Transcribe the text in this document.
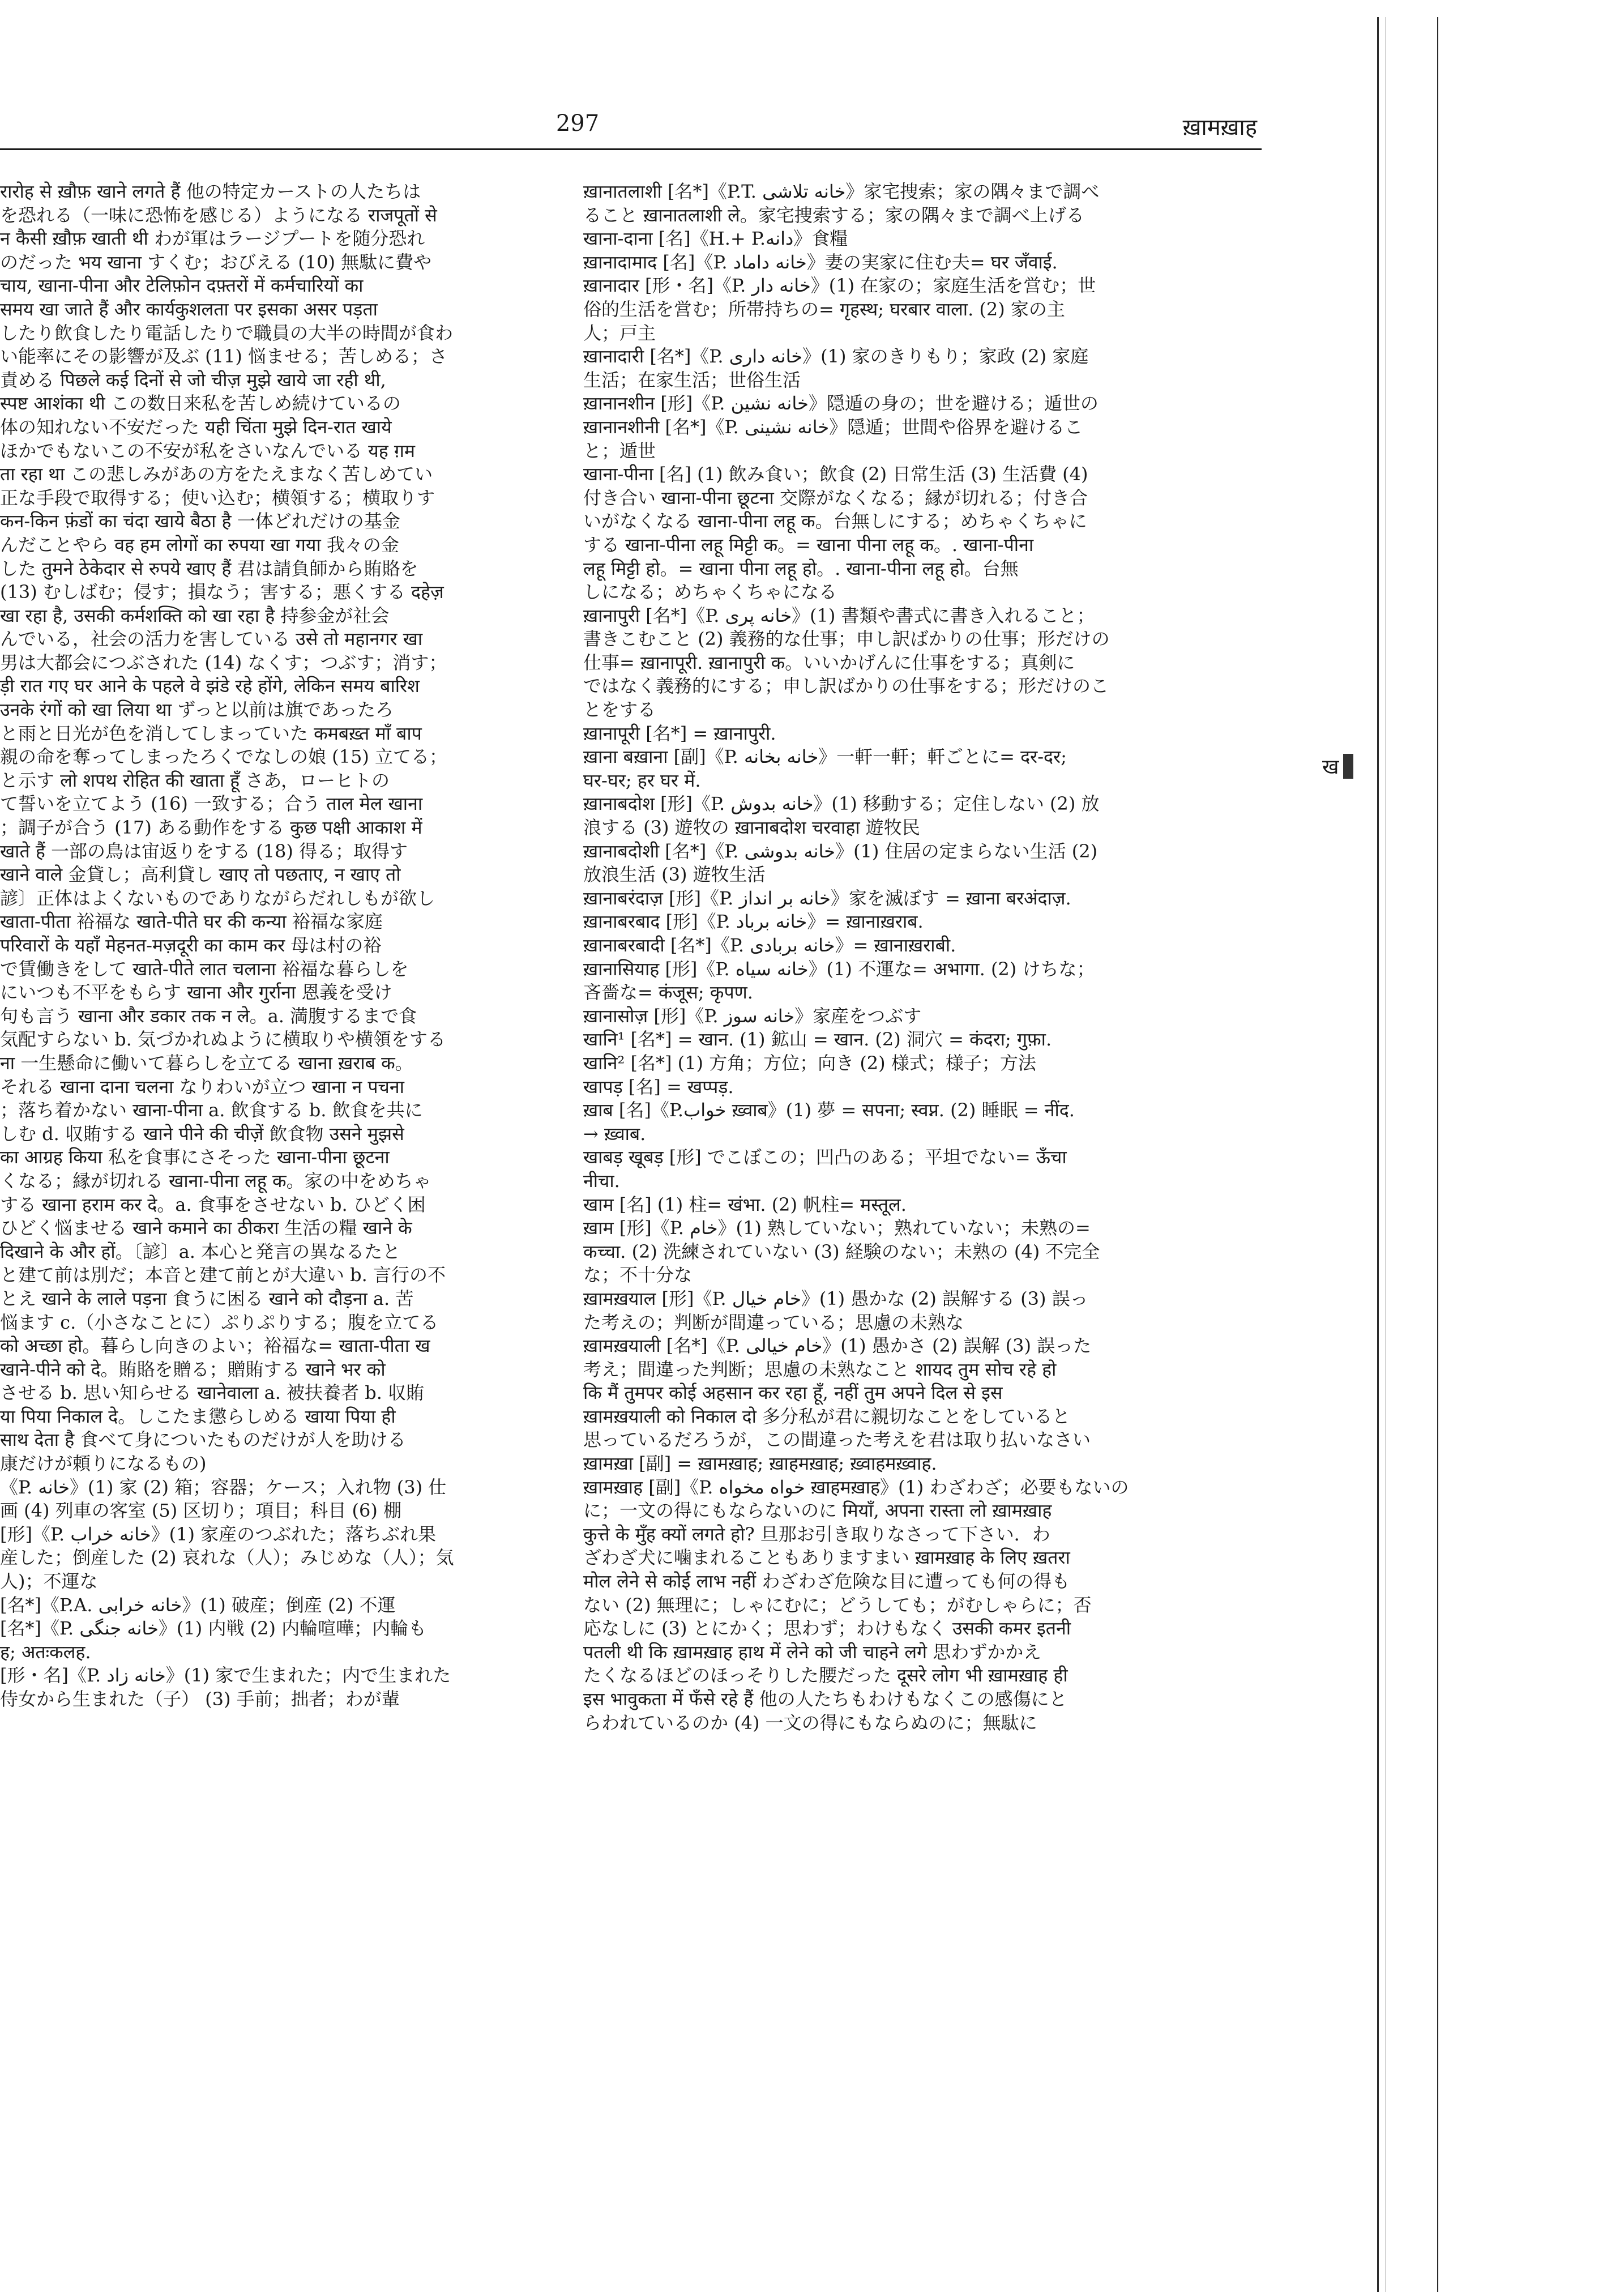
297	ख़ामख़ाह
रारोह से ख़ौफ़ खाने लगते हैं 他の特定カーストの人たちは
を恐れる（一味に恐怖を感じる）ようになる राजपूतों से
न कैसी ख़ौफ़ खाती थी わが軍はラージプートを随分恐れ
のだった भय खाना すくむ；おびえる (10) 無駄に費や
चाय, खाना-पीना और टेलिफ़ोन दफ़्तरों में कर्मचारियों का
समय खा जाते हैं और कार्यकुशलता पर इसका असर पड़ता
したり飲食したり電話したりで職員の大半の時間が食わ
い能率にその影響が及ぶ (11) 悩ませる；苦しめる；さ
責める पिछले कई दिनों से जो चीज़ मुझे खाये जा रही थी,
स्पष्ट आशंका थी この数日来私を苦しめ続けているの
体の知れない不安だった यही चिंता मुझे दिन-रात खाये
ほかでもないこの不安が私をさいなんでいる यह ग़म
ता रहा था この悲しみがあの方をたえまなく苦しめてい
正な手段で取得する；使い込む；横領する；横取りす
कन-किन फ़ंडों का चंदा खाये बैठा है 一体どれだけの基金
んだことやら वह हम लोगों का रुपया खा गया 我々の金
した तुमने ठेकेदार से रुपये खाए हैं 君は請負師から賄賂を
(13) むしばむ；侵す；損なう；害する；悪くする दहेज़
खा रहा है, उसकी कर्मशक्ति को खा रहा है 持参金が社会
んでいる，社会の活力を害している उसे तो महानगर खा
男は大都会につぶされた (14) なくす；つぶす；消す；
ड़ी रात गए घर आने के पहले वे झंडे रहे होंगे, लेकिन समय बारिश
उनके रंगों को खा लिया था ずっと以前は旗であったろ
と雨と日光が色を消してしまっていた कमबख़्त माँ बाप
親の命を奪ってしまったろくでなしの娘 (15) 立てる；
と示す लो शपथ रोहित की खाता हूँ さあ，ローヒトの
て誓いを立てよう (16) 一致する；合う ताल मेल खाना
；調子が合う (17) ある動作をする कुछ पक्षी आकाश में
खाते हैं 一部の鳥は宙返りをする (18) 得る；取得す
खाने वाले 金貸し；高利貸し खाए तो पछताए, न खाए तो
諺〕正体はよくないものでありながらだれしもが欲し
खाता-पीता 裕福な खाते-पीते घर की कन्या 裕福な家庭
परिवारों के यहाँ मेहनत-मज़दूरी का काम कर 母は村の裕
で賃働きをして खाते-पीते लात चलाना 裕福な暮らしを
にいつも不平をもらす खाना और गुर्राना 恩義を受け
句も言う खाना और डकार तक न ले。a. 満腹するまで食
気配すらない b. 気づかれぬように横取りや横領をする
ना 一生懸命に働いて暮らしを立てる खाना ख़राब क。
それる खाना दाना चलना なりわいが立つ खाना न पचना
；落ち着かない खाना-पीना a. 飲食する b. 飲食を共に
しむ d. 収賄する खाने पीने की चीज़ें 飲食物 उसने मुझसे
का आग्रह किया 私を食事にさそった खाना-पीना छूटना
くなる；縁が切れる खाना-पीना लहू क。家の中をめちゃ
する खाना हराम कर दे。a. 食事をさせない b. ひどく困
ひどく悩ませる खाने कमाने का ठीकरा 生活の糧 खाने के
दिखाने के और हों。〔諺〕a. 本心と発言の異なるたと
と建て前は別だ；本音と建て前とが大違い b. 言行の不
とえ खाने के लाले पड़ना 食うに困る खाने को दौड़ना a. 苦
悩ます c.（小さなことに）ぷりぷりする；腹を立てる
को अच्छा हो。暮らし向きのよい；裕福な= खाता-पीता ख
खाने-पीने को दे。賄賂を贈る；贈賄する खाने भर को
させる b. 思い知らせる खानेवाला a. 被扶養者 b. 収賄
या पिया निकाल दे。しこたま懲らしめる खाया पिया ही
साथ देता है 食べて身についたものだけが人を助ける
康だけが頼りになるもの)
《P. خانه》(1) 家 (2) 箱；容器；ケース；入れ物 (3) 仕
画 (4) 列車の客室 (5) 区切り；項目；科目 (6) 棚
[形]《P. خانه خراب》(1) 家産のつぶれた；落ちぶれ果
産した；倒産した (2) 哀れな（人）；みじめな（人）；気
人)；不運な
[名*]《P.A. خانه خرابی》(1) 破産；倒産 (2) 不運
[名*]《P. خانه جنگی》(1) 内戦 (2) 内輪喧嘩；内輪も
ह; अतःकलह.
[形・名]《P. خانه زاد》(1) 家で生まれた；内で生まれた
侍女から生まれた（子） (3) 手前；拙者；わが輩
ख़ानातलाशी [名*]《P.T. خانه تلاشی》家宅捜索；家の隅々まで調べ
ること ख़ानातलाशी ले。家宅捜索する；家の隅々まで調べ上げる
खाना-दाना [名]《H.+ P.دانه》食糧
ख़ानादामाद [名]《P. خانه داماد》妻の実家に住む夫= घर जँवाई.
ख़ानादार [形・名]《P. خانه دار》(1) 在家の；家庭生活を営む；世
俗的生活を営む；所帯持ちの= गृहस्थ; घरबार वाला. (2) 家の主
人；戸主
ख़ानादारी [名*]《P. خانه داری》(1) 家のきりもり；家政 (2) 家庭
生活；在家生活；世俗生活
ख़ानानशीन [形]《P. خانه نشین》隠遁の身の；世を避ける；遁世の
ख़ानानशीनी [名*]《P. خانه نشینی》隠遁；世間や俗界を避けるこ
と；遁世
खाना-पीना [名] (1) 飲み食い；飲食 (2) 日常生活 (3) 生活費 (4)
付き合い खाना-पीना छूटना 交際がなくなる；縁が切れる；付き合
いがなくなる खाना-पीना लहू क。台無しにする；めちゃくちゃに
する खाना-पीना लहू मिट्टी क。= खाना पीना लहू क。. खाना-पीना
लहू मिट्टी हो。= खाना पीना लहू हो。. खाना-पीना लहू हो。台無
しになる；めちゃくちゃになる
ख़ानापुरी [名*]《P. خانه پری》(1) 書類や書式に書き入れること；
書きこむこと (2) 義務的な仕事；申し訳ばかりの仕事；形だけの
仕事= ख़ानापूरी. ख़ानापुरी क。いいかげんに仕事をする；真剣に
ではなく義務的にする；申し訳ばかりの仕事をする；形だけのこ
とをする
ख़ानापूरी [名*] = ख़ानापुरी.
ख़ाना बख़ाना [副]《P. خانه بخانه》一軒一軒；軒ごとに= दर-दर;
घर-घर; हर घर में.
ख़ानाबदोश [形]《P. خانه بدوش》(1) 移動する；定住しない (2) 放
浪する (3) 遊牧の ख़ानाबदोश चरवाहा 遊牧民
ख़ानाबदोशी [名*]《P. خانه بدوشی》(1) 住居の定まらない生活 (2)
放浪生活 (3) 遊牧生活
ख़ानाबरंदाज़ [形]《P. خانه بر انداز》家を滅ぼす = ख़ाना बरअंदाज़.
ख़ानाबरबाद [形]《P. خانه برباد》= ख़ानाख़राब.
ख़ानाबरबादी [名*]《P. خانه بربادی》= ख़ानाख़राबी.
ख़ानासियाह [形]《P. خانه سیاه》(1) 不運な= अभागा. (2) けちな；
吝嗇な= कंजूस; कृपण.
ख़ानासोज़ [形]《P. خانه سوز》家産をつぶす
खानि¹ [名*] = खान. (1) 鉱山 = खान. (2) 洞穴 = कंदरा; गुफ़ा.
खानि² [名*] (1) 方角；方位；向き (2) 様式；様子；方法
खापड़ [名] = खप्पड़.
ख़ाब [名]《P.خواب ख़्वाब》(1) 夢 = सपना; स्वप्न. (2) 睡眠 = नींद.
→ ख़्वाब.
खाबड़ खूबड़ [形] でこぼこの；凹凸のある；平坦でない= ऊँचा
नीचा.
खाम [名] (1) 柱= खंभा. (2) 帆柱= मस्तूल.
ख़ाम [形]《P. خام》(1) 熟していない；熟れていない；未熟の=
कच्चा. (2) 洗練されていない (3) 経験のない；未熟の (4) 不完全
な；不十分な
ख़ामख़याल [形]《P. خام خیال》(1) 愚かな (2) 誤解する (3) 誤っ
た考えの；判断が間違っている；思慮の未熟な
ख़ामख़याली [名*]《P. خام خیالی》(1) 愚かさ (2) 誤解 (3) 誤った
考え；間違った判断；思慮の未熟なこと शायद तुम सोच रहे हो
कि मैं तुमपर कोई अहसान कर रहा हूँ, नहीं तुम अपने दिल से इस
ख़ामख़याली को निकाल दो 多分私が君に親切なことをしていると
思っているだろうが，この間違った考えを君は取り払いなさい
ख़ामख़ा [副] = ख़ामख़ाह; ख़ाहमख़ाह; ख़्वाहमख़्वाह.
ख़ामख़ाह [副]《P. خواه مخواه ख़ाहमख़ाह》(1) わざわざ；必要もないの
に；一文の得にもならないのに मियाँ, अपना रास्ता लो ख़ामख़ाह
कुत्ते के मुँह क्यों लगते हो? 旦那お引き取りなさって下さい．わ
ざわざ犬に噛まれることもありますまい ख़ामख़ाह के लिए ख़तरा
मोल लेने से कोई लाभ नहीं わざわざ危険な目に遭っても何の得も
ない (2) 無理に；しゃにむに；どうしても；がむしゃらに；否
応なしに (3) とにかく；思わず；わけもなく उसकी कमर इतनी
पतली थी कि ख़ामख़ाह हाथ में लेने को जी चाहने लगे 思わずかかえ
たくなるほどのほっそりした腰だった दूसरे लोग भी ख़ामख़ाह ही
इस भावुकता में फँसे रहे हैं 他の人たちもわけもなくこの感傷にと
らわれているのか (4) 一文の得にもならぬのに；無駄に
ख
